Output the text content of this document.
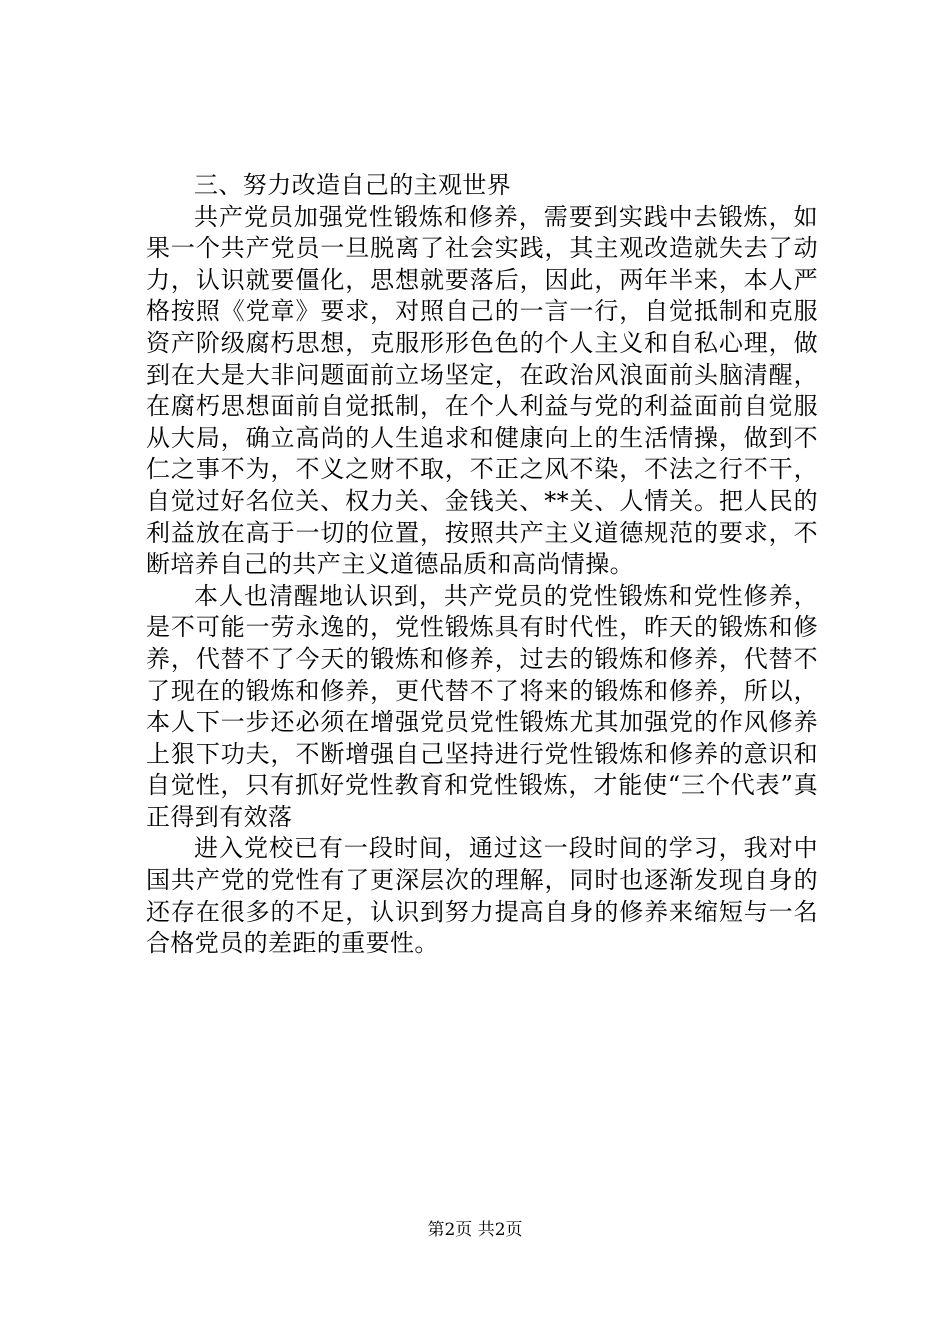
三、努力改造自己的主观世界

共产党员加强党性锻炼和修养，需要到实践中去锻炼，如果一个共产党员一旦脱离了社会实践，其主观改造就失去了动力，认识就要僵化，思想就要落后，因此，两年半来，本人严格按照《党章》要求，对照自己的一言一行，自觉抵制和克服资产阶级腐朽思想，克服形形色色的个人主义和自私心理，做到在大是大非问题面前立场坚定，在政治风浪面前头脑清醒，在腐朽思想面前自觉抵制，在个人利益与党的利益面前自觉服从大局，确立高尚的人生追求和健康向上的生活情操，做到不仁之事不为，不义之财不取，不正之风不染，不法之行不干，自觉过好名位关、权力关、金钱关、**关、人情关。把人民的利益放在高于一切的位置，按照共产主义道德规范的要求，不断培养自己的共产主义道德品质和高尚情操。

本人也清醒地认识到，共产党员的党性锻炼和党性修养，是不可能一劳永逸的，党性锻炼具有时代性，昨天的锻炼和修养，代替不了今天的锻炼和修养，过去的锻炼和修养，代替不了现在的锻炼和修养，更代替不了将来的锻炼和修养，所以，本人下一步还必须在增强党员党性锻炼尤其加强党的作风修养上狠下功夫，不断增强自己坚持进行党性锻炼和修养的意识和自觉性，只有抓好党性教育和党性锻炼，才能使“三个代表”真正得到有效落

进入党校已有一段时间，通过这一段时间的学习，我对中国共产党的党性有了更深层次的理解，同时也逐渐发现自身的还存在很多的不足，认识到努力提高自身的修养来缩短与一名合格党员的差距的重要性。

第2页 共2页
